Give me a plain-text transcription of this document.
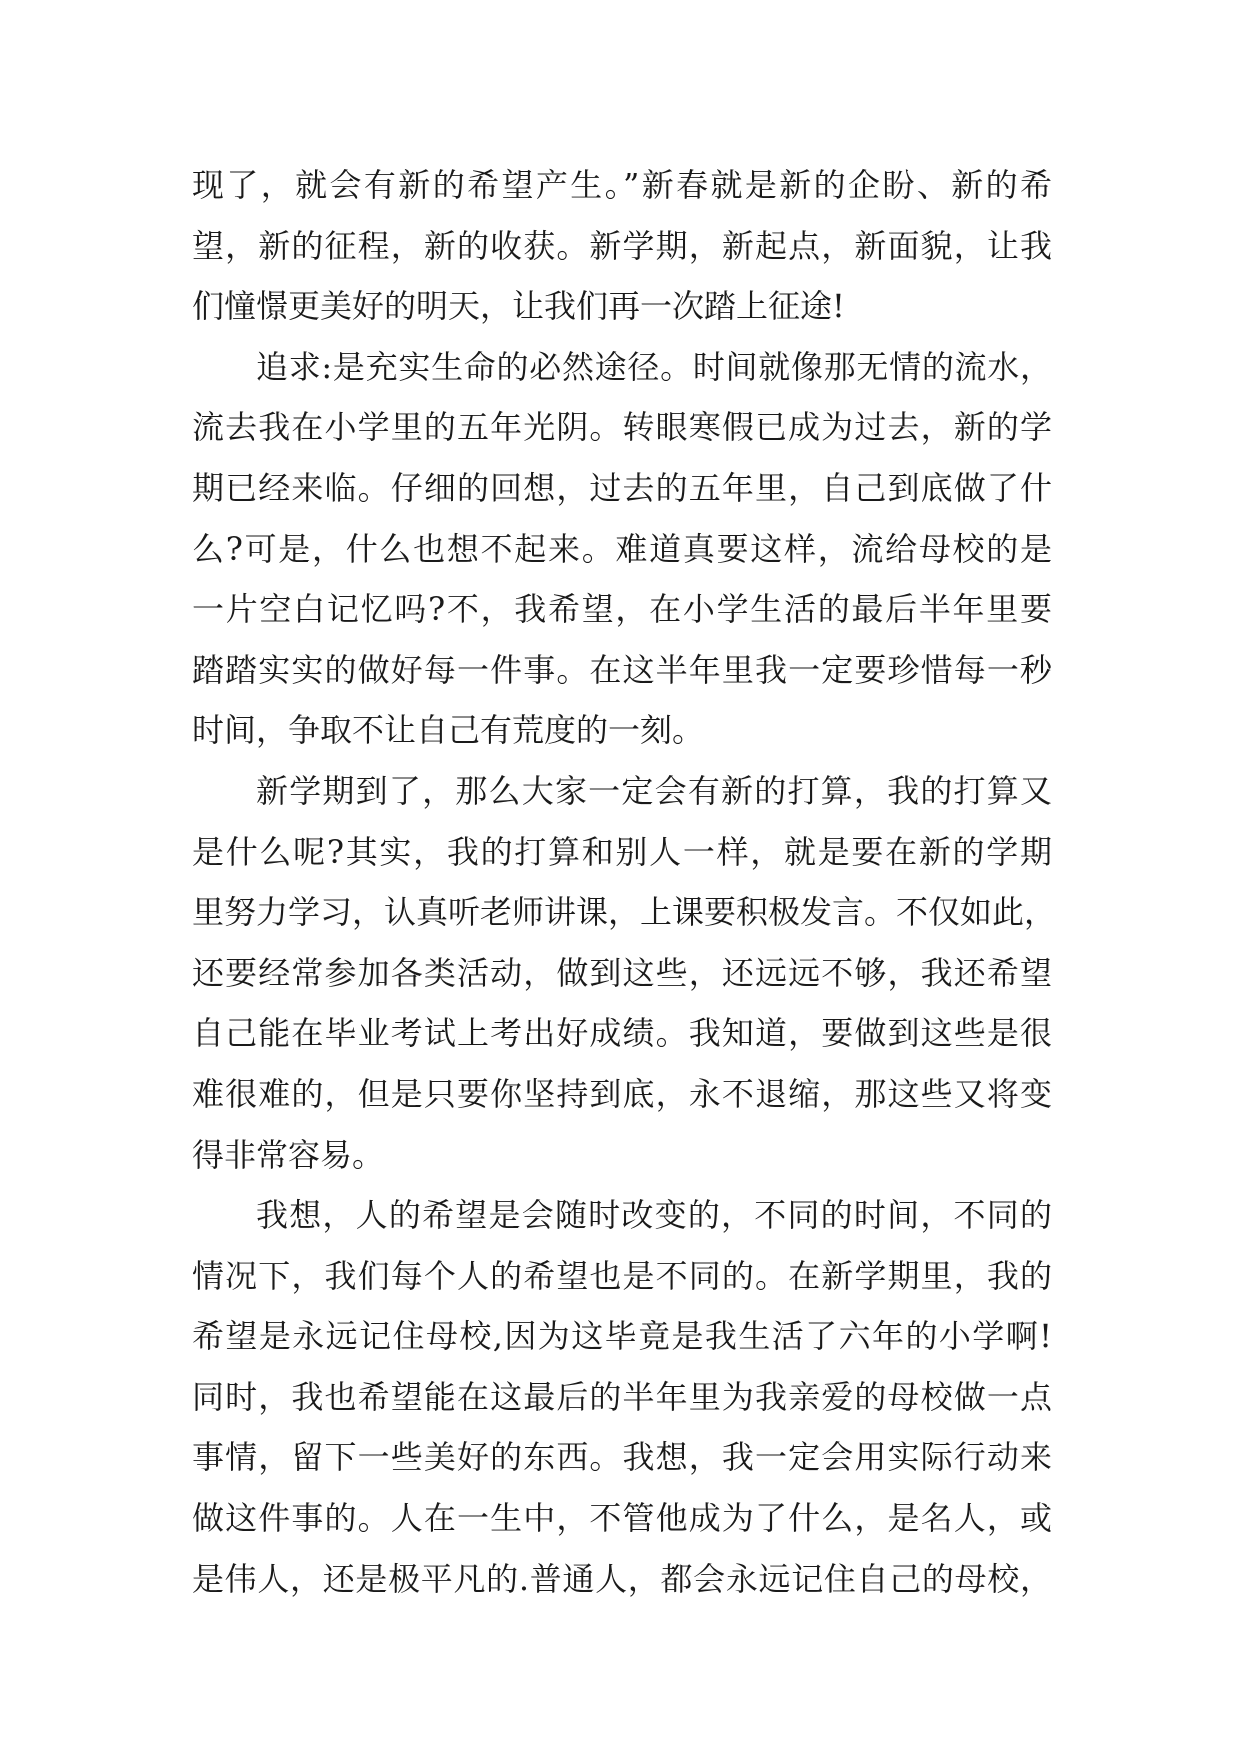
现了，就会有新的希望产生。”新春就是新的企盼、新的希
望，新的征程，新的收获。新学期，新起点，新面貌，让我
们憧憬更美好的明天，让我们再一次踏上征途!
追求:是充实生命的必然途径。时间就像那无情的流水，
流去我在小学里的五年光阴。转眼寒假已成为过去，新的学
期已经来临。仔细的回想，过去的五年里，自己到底做了什
么?可是，什么也想不起来。难道真要这样，流给母校的是
一片空白记忆吗?不，我希望，在小学生活的最后半年里要
踏踏实实的做好每一件事。在这半年里我一定要珍惜每一秒
时间，争取不让自己有荒度的一刻。
新学期到了，那么大家一定会有新的打算，我的打算又
是什么呢?其实，我的打算和别人一样，就是要在新的学期
里努力学习，认真听老师讲课，上课要积极发言。不仅如此，
还要经常参加各类活动，做到这些，还远远不够，我还希望
自己能在毕业考试上考出好成绩。我知道，要做到这些是很
难很难的，但是只要你坚持到底，永不退缩，那这些又将变
得非常容易。
我想，人的希望是会随时改变的，不同的时间，不同的
情况下，我们每个人的希望也是不同的。在新学期里，我的
希望是永远记住母校,因为这毕竟是我生活了六年的小学啊!
同时，我也希望能在这最后的半年里为我亲爱的母校做一点
事情，留下一些美好的东西。我想，我一定会用实际行动来
做这件事的。人在一生中，不管他成为了什么，是名人，或
是伟人，还是极平凡的.普通人，都会永远记住自己的母校，
